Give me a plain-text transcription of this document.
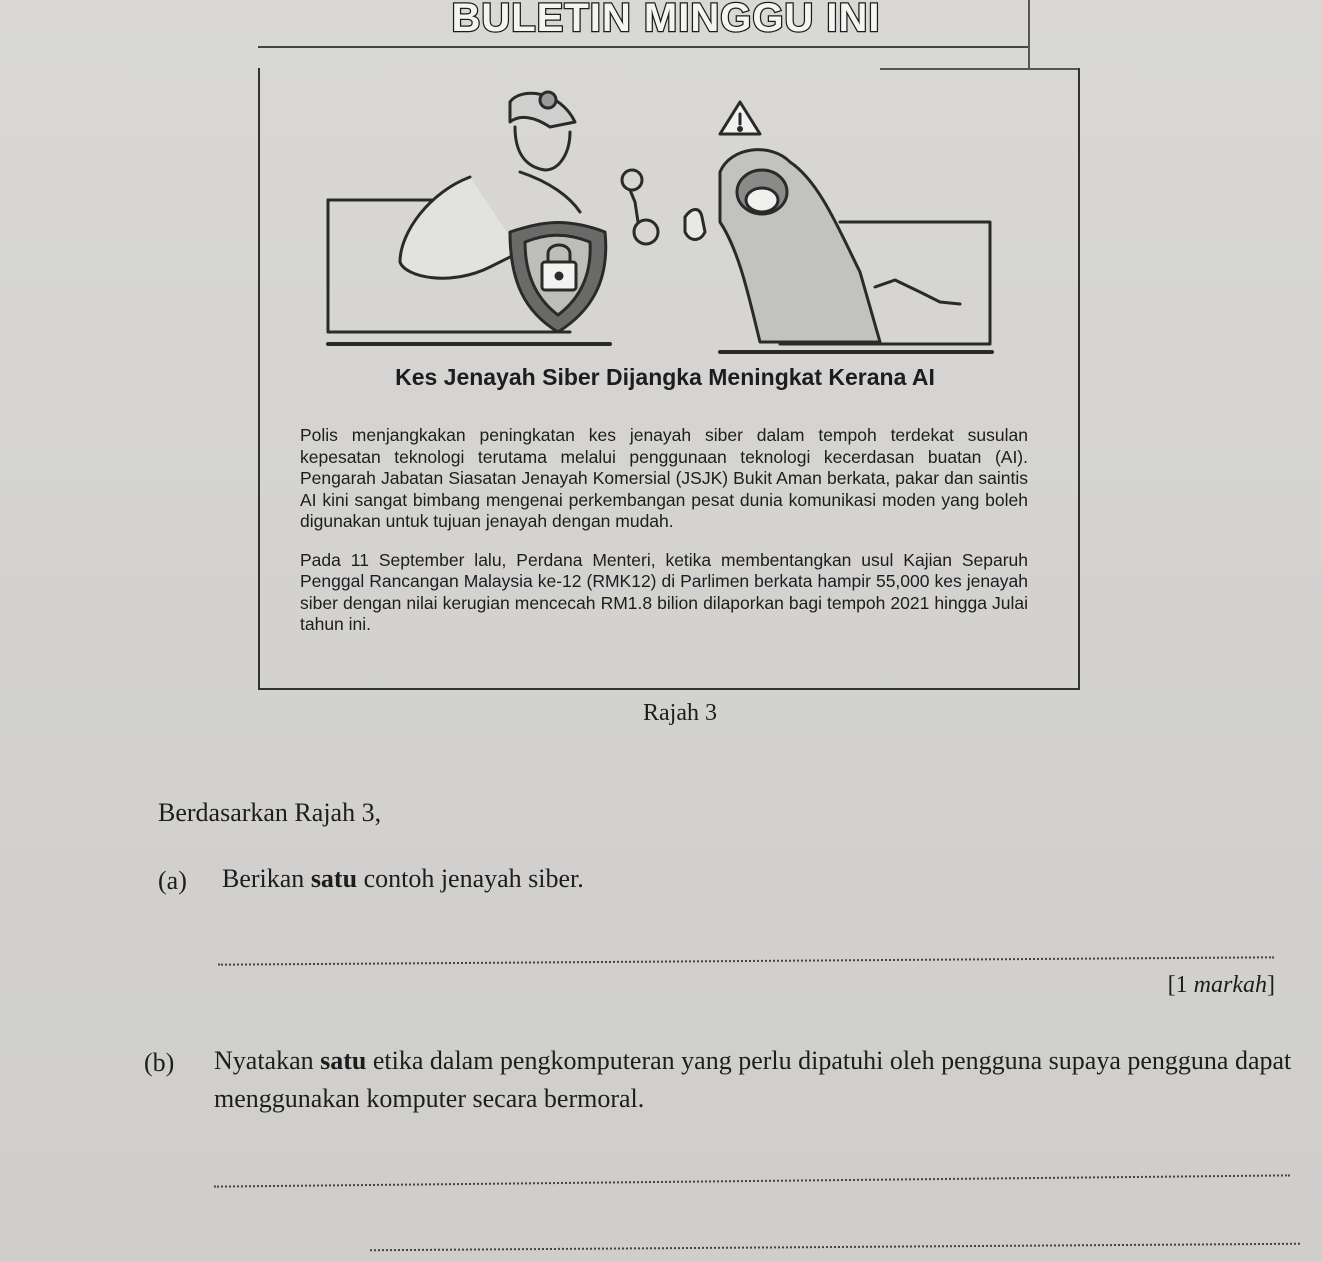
BULETIN MINGGU INI
Kes Jenayah Siber Dijangka Meningkat Kerana AI

Polis menjangkakan peningkatan kes jenayah siber dalam tempoh terdekat susulan kepesatan teknologi terutama melalui penggunaan teknologi kecerdasan buatan (AI). Pengarah Jabatan Siasatan Jenayah Komersial (JSJK) Bukit Aman berkata, pakar dan saintis AI kini sangat bimbang mengenai perkembangan pesat dunia komunikasi moden yang boleh digunakan untuk tujuan jenayah dengan mudah.

Pada 11 September lalu, Perdana Menteri, ketika membentangkan usul Kajian Separuh Penggal Rancangan Malaysia ke-12 (RMK12) di Parlimen berkata hampir 55,000 kes jenayah siber dengan nilai kerugian mencecah RM1.8 bilion dilaporkan bagi tempoh 2021 hingga Julai tahun ini.

Rajah 3
Berdasarkan Rajah 3,
(a) Berikan satu contoh jenayah siber.
[1 markah]
(b) Nyatakan satu etika dalam pengkomputeran yang perlu dipatuhi oleh pengguna supaya pengguna dapat menggunakan komputer secara bermoral.
